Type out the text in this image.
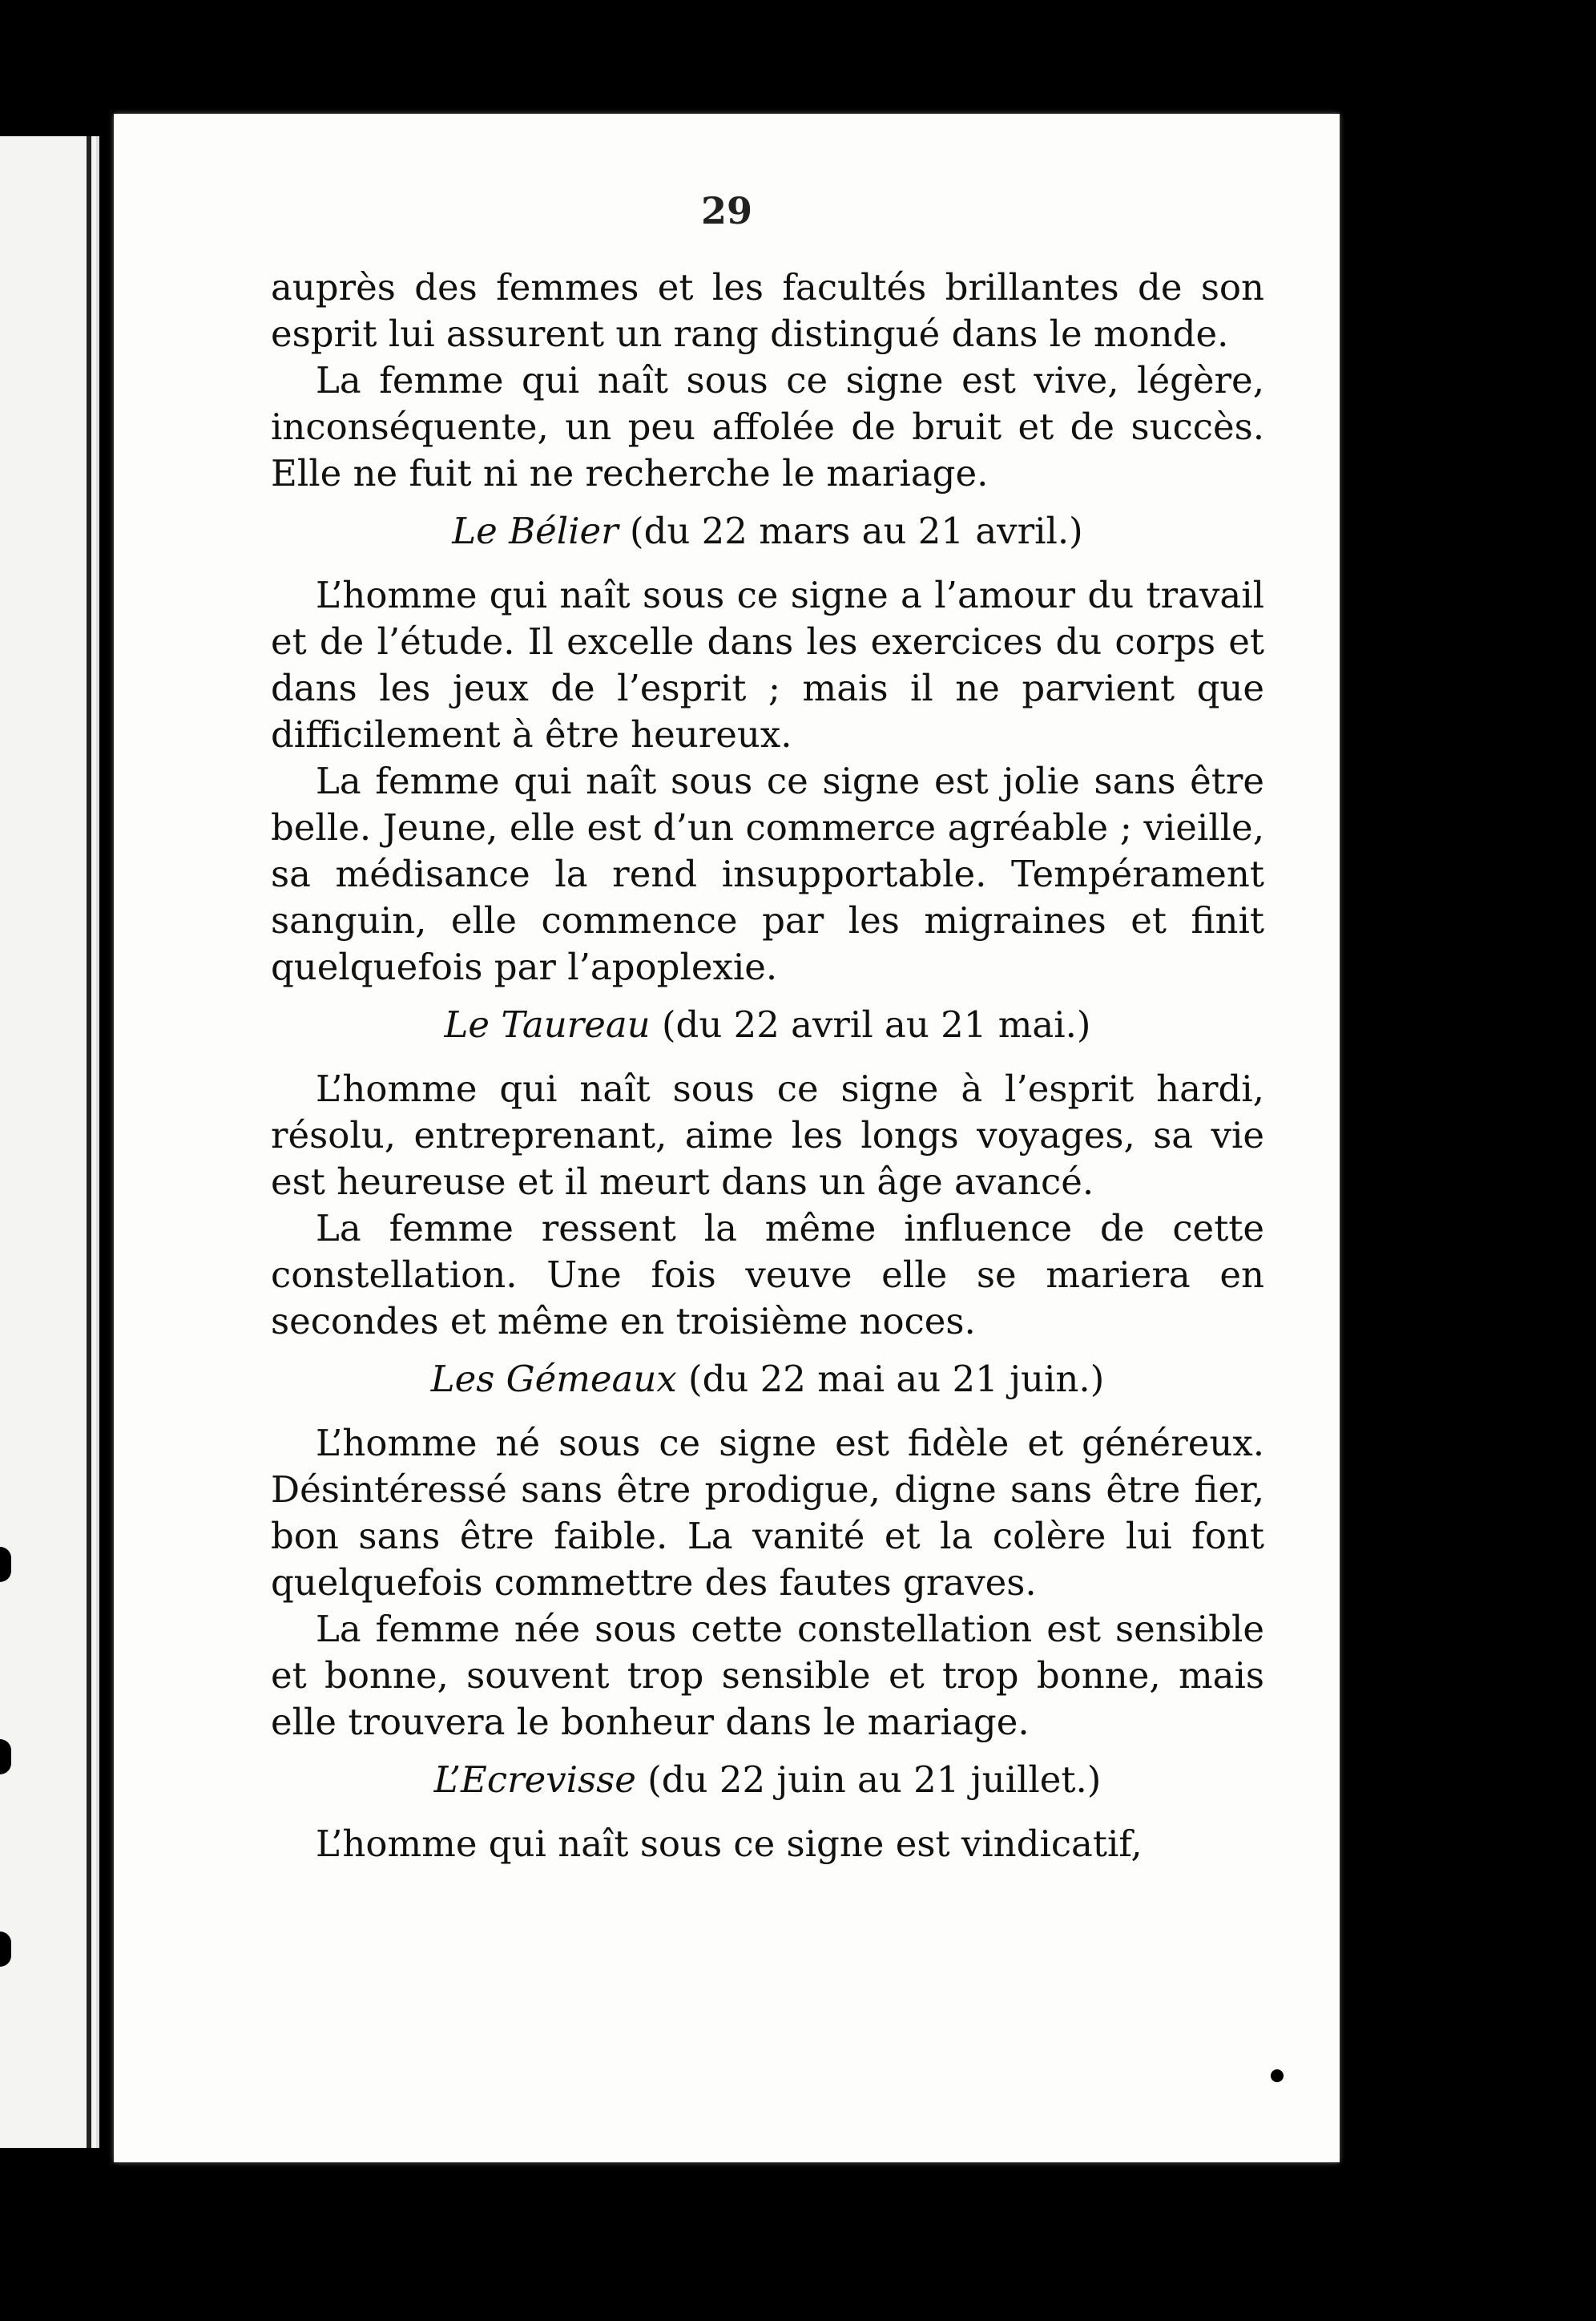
29

auprès des femmes et les facultés brillantes de son esprit lui assurent un rang distingué dans le monde.

La femme qui naît sous ce signe est vive, légère, inconséquente, un peu affolée de bruit et de succès. Elle ne fuit ni ne recherche le mariage.

Le Bélier (du 22 mars au 21 avril.)

L’homme qui naît sous ce signe a l’amour du travail et de l’étude. Il excelle dans les exercices du corps et dans les jeux de l’esprit ; mais il ne parvient que difficilement à être heureux.

La femme qui naît sous ce signe est jolie sans être belle. Jeune, elle est d’un commerce agréable ; vieille, sa médisance la rend insupportable. Tempérament sanguin, elle commence par les migraines et finit quelquefois par l’apoplexie.

Le Taureau (du 22 avril au 21 mai.)

L’homme qui naît sous ce signe à l’esprit hardi, résolu, entreprenant, aime les longs voyages, sa vie est heureuse et il meurt dans un âge avancé.

La femme ressent la même influence de cette constellation. Une fois veuve elle se mariera en secondes et même en troisième noces.

Les Gémeaux (du 22 mai au 21 juin.)

L’homme né sous ce signe est fidèle et généreux. Désintéressé sans être prodigue, digne sans être fier, bon sans être faible. La vanité et la colère lui font quelquefois commettre des fautes graves.

La femme née sous cette constellation est sensible et bonne, souvent trop sensible et trop bonne, mais elle trouvera le bonheur dans le mariage.

L’Ecrevisse (du 22 juin au 21 juillet.)

L’homme qui naît sous ce signe est vindicatif,
